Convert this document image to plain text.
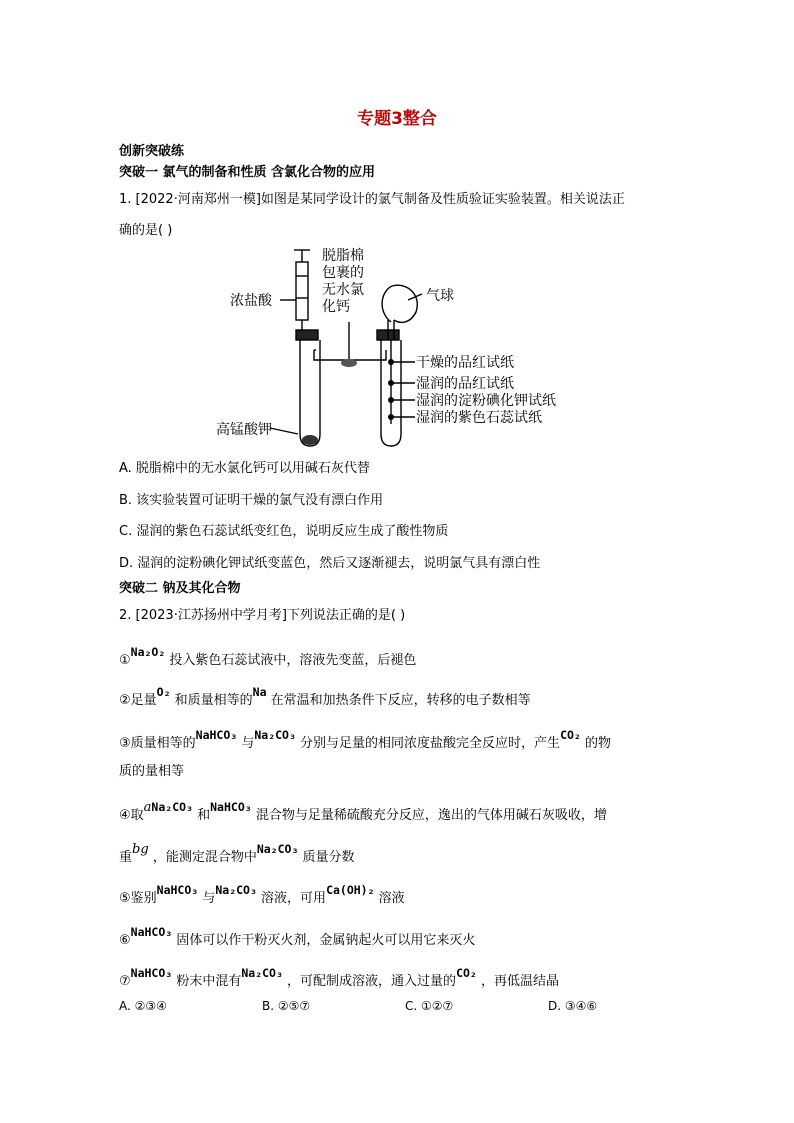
专题3整合
创新突破练
突破一 氯气的制备和性质 含氯化合物的应用
1. [2022·河南郑州一模]如图是某同学设计的氯气制备及性质验证实验装置。相关说法正
确的是( )
浓盐酸
脱脂棉
包裹的
无水氯
化钙
气球
干燥的品红试纸
湿润的品红试纸
湿润的淀粉碘化钾试纸
湿润的紫色石蕊试纸
高锰酸钾
A. 脱脂棉中的无水氯化钙可以用碱石灰代替
B. 该实验装置可证明干燥的氯气没有漂白作用
C. 湿润的紫色石蕊试纸变红色，说明反应生成了酸性物质
D. 湿润的淀粉碘化钾试纸变蓝色，然后又逐渐褪去，说明氯气具有漂白性
突破二 钠及其化合物
2. [2023·江苏扬州中学月考]下列说法正确的是( )
①Na₂O₂ 投入紫色石蕊试液中，溶液先变蓝，后褪色
②足量O₂ 和质量相等的Na 在常温和加热条件下反应，转移的电子数相等
③质量相等的NaHCO₃ 与Na₂CO₃ 分别与足量的相同浓度盐酸完全反应时，产生CO₂ 的物
质的量相等
④取aNa₂CO₃ 和NaHCO₃ 混合物与足量稀硫酸充分反应，逸出的气体用碱石灰吸收，增
重bg ，能测定混合物中Na₂CO₃ 质量分数
⑤鉴别NaHCO₃ 与Na₂CO₃ 溶液，可用Ca(OH)₂ 溶液
⑥NaHCO₃ 固体可以作干粉灭火剂，金属钠起火可以用它来灭火
⑦NaHCO₃ 粉末中混有Na₂CO₃ ，可配制成溶液，通入过量的CO₂ ，再低温结晶
A. ②③④	B. ②⑤⑦	C. ①②⑦	D. ③④⑥
